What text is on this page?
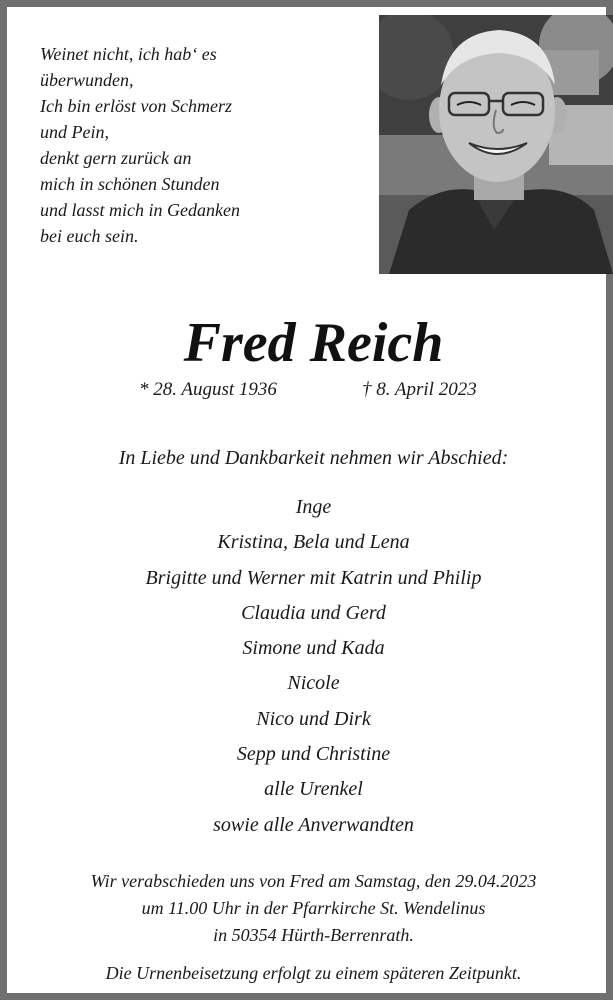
Weinet nicht, ich hab‘ es
überwunden,
Ich bin erlöst von Schmerz
und Pein,
denkt gern zurück an
mich in schönen Stunden
und lasst mich in Gedanken
bei euch sein.
Fred Reich
* 28. August 1936	† 8. April 2023
In Liebe und Dankbarkeit nehmen wir Abschied:
Inge
Kristina, Bela und Lena
Brigitte und Werner mit Katrin und Philip
Claudia und Gerd
Simone und Kada
Nicole
Nico und Dirk
Sepp und Christine
alle Urenkel
sowie alle Anverwandten
Wir verabschieden uns von Fred am Samstag, den 29.04.2023
um 11.00 Uhr in der Pfarrkirche St. Wendelinus
in 50354 Hürth-Berrenrath.
Die Urnenbeisetzung erfolgt zu einem späteren Zeitpunkt.
